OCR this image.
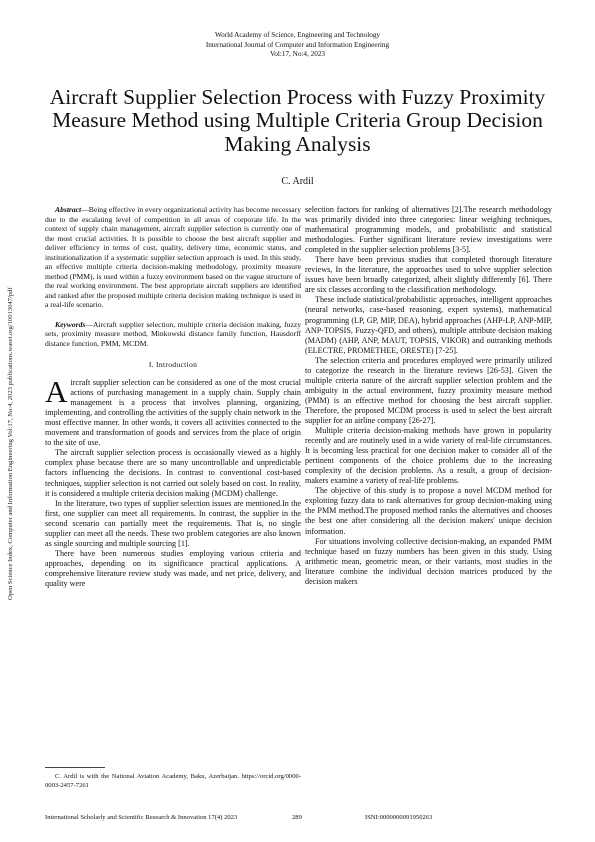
World Academy of Science, Engineering and Technology
International Journal of Computer and Information Engineering
Vol:17, No:4, 2023
Aircraft Supplier Selection Process with Fuzzy Proximity Measure Method using Multiple Criteria Group Decision Making Analysis
C. Ardil
Open Science Index, Computer and Information Engineering Vol:17, No:4, 2023 publications.waset.org/10013047/pdf

Abstract—Being effective in every organizational activity has become necessary due to the escalating level of competition in all areas of corporate life. In the context of supply chain management, aircraft supplier selection is currently one of the most crucial activities. It is possible to choose the best aircraft supplier and deliver efficiency in terms of cost, quality, delivery time, economic status, and institutionalization if a systematic supplier selection approach is used. In this study, an effective multiple criteria decision-making methodology, proximity measure method (PMM), is used within a fuzzy environment based on the vague structure of the real working environment. The best appropriate aircraft suppliers are identified and ranked after the proposed multiple criteria decision making technique is used in a real-life scenario.

Keywords—Aircraft supplier selection, multiple criteria decision making, fuzzy sets, proximity measure method, Minkowski distance family function, Hausdorff distance function, PMM, MCDM.

I. Introduction

Aircraft supplier selection can be considered as one of the most crucial actions of purchasing management in a supply chain. Supply chain management is a process that involves planning, organizing, implementing, and controlling the activities of the supply chain network in the most effective manner. In other words, it covers all activities connected to the movement and transformation of goods and services from the place of origin to the site of use.

The aircraft supplier selection process is occasionally viewed as a highly complex phase because there are so many uncontrollable and unpredictable factors influencing the decisions. In contrast to conventional cost-based techniques, supplier selection is not carried out solely based on cost. In reality, it is considered a multiple criteria decision making (MCDM) challenge.

In the literature, two types of supplier selection issues are mentioned.In the first, one supplier can meet all requirements. In contrast, the supplier in the second scenario can partially meet the requirements. That is, no single supplier can meet all the needs. These two problem categories are also known as single sourcing and multiple sourcing [1].

There have been numerous studies employing various criteria and approaches, depending on its significance practical applications. A comprehensive literature review study was made, and net price, delivery, and quality were

selection factors for ranking of alternatives [2].The research methodology was primarily divided into three categories: linear weighing techniques, mathematical programming models, and probabilistic and statistical methodologies. Further significant literature review investigations were completed in the supplier selection problems [3-5].

There have been previous studies that completed thorough literature reviews, In the literature, the approaches used to solve supplier selection issues have been broadly categorized, albeit slightly differently [6]. There are six classes according to the classification methodology.

These include statistical/probabilistic approaches, intelligent approaches (neural networks, case-based reasoning, expert systems), mathematical programming (LP, GP, MIP, DEA), hybrid approaches (AHP-LP, ANP-MIP, ANP-TOPSIS, Fuzzy-QFD, and others), multiple attribute decision making (MADM) (AHP, ANP, MAUT, TOPSIS, VIKOR) and outranking methods (ELECTRE, PROMETHEE, ORESTE) [7-25].

The selection criteria and procedures employed were primarily utilized to categorize the research in the literature reviews [26-53]. Given the multiple criteria nature of the aircraft supplier selection problem and the ambiguity in the actual environment, fuzzy proximity measure method (PMM) is an effective method for choosing the best aircraft supplier. Therefore, the proposed MCDM process is used to select the best aircraft supplier for an airline company [26-27].

Multiple criteria decision-making methods have grown in popularity recently and are routinely used in a wide variety of real-life circumstances. It is becoming less practical for one decision maker to consider all of the pertinent components of the choice problems due to the increasing complexity of the decision problems. As a result, a group of decision-makers examine a variety of real-life problems.

The objective of this study is to propose a novel MCDM method for exploiting fuzzy data to rank alternatives for group decision-making using the PMM method.The proposed method ranks the alternatives and chooses the best one after considering all the decision makers' unique decision information.

For situations involving collective decision-making, an expanded PMM technique based on fuzzy numbers has been given in this study. Using arithmetic mean, geometric mean, or their variants, most studies in the literature combine the individual decision matrices produced by the decision makers

C. Ardil is with the National Aviation Academy, Baku, Azerbaijan. https://orcid.org/0000-0003-2457-7261
International Scholarly and Scientific Research & Innovation 17(4) 2023	289	ISNI:0000000091950263
